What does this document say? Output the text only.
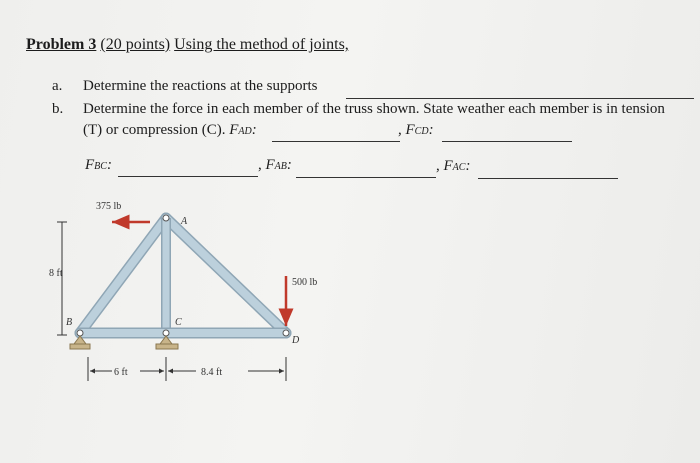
Problem 3 (20 points) Using the method of joints,
a. Determine the reactions at the supports
b. Determine the force in each member of the truss shown. State weather each member is in tension
(T) or compression (C). FAD:	, FCD:
FBC:	, FAB:	, FAC:
375 lb
500 lb
8 ft
6 ft	8.4 ft
A
B	C
D
